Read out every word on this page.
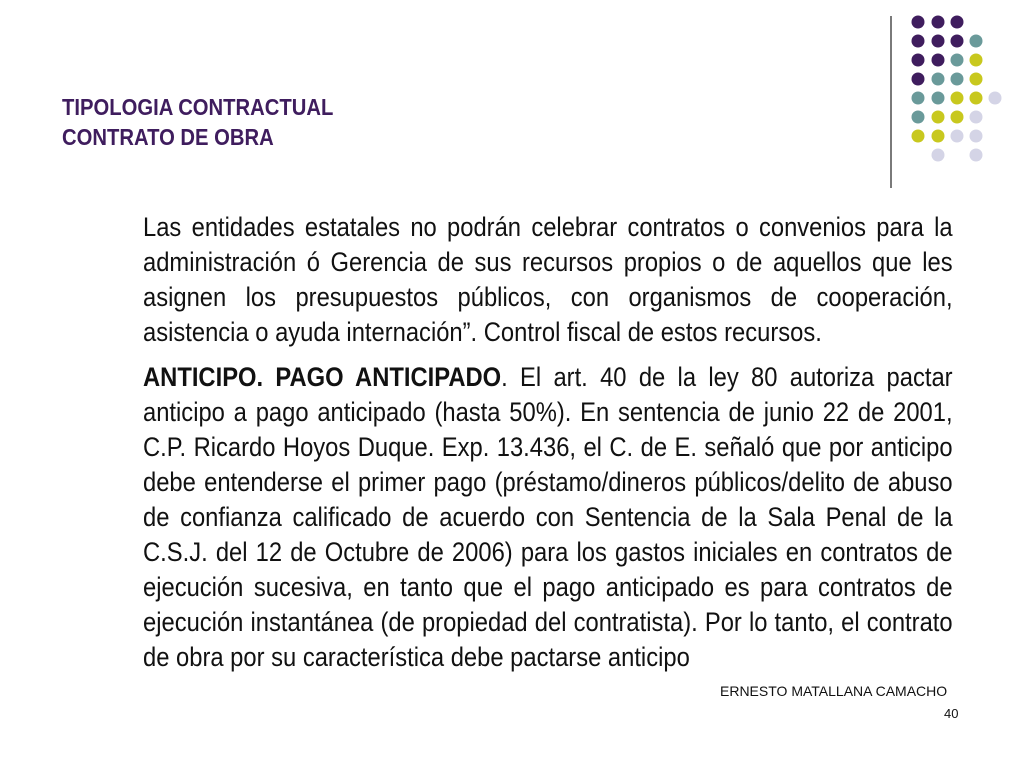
TIPOLOGIA CONTRACTUAL
CONTRATO DE OBRA

Las entidades estatales no podrán celebrar contratos o convenios para la administración ó Gerencia de sus recursos propios o de aquellos que les asignen los presupuestos públicos, con organismos de cooperación, asistencia o ayuda internación”. Control fiscal de estos recursos.

ANTICIPO. PAGO ANTICIPADO. El art. 40 de la ley 80 autoriza pactar anticipo a pago anticipado (hasta 50%). En sentencia de junio 22 de 2001, C.P. Ricardo Hoyos Duque. Exp. 13.436, el C. de E. señaló que por anticipo debe entenderse el primer pago (préstamo/dineros públicos/delito de abuso de confianza calificado de acuerdo con Sentencia de la Sala Penal de la C.S.J. del 12 de Octubre de 2006) para los gastos iniciales en contratos de ejecución sucesiva, en tanto que el pago anticipado es para contratos de ejecución instantánea (de propiedad del contratista). Por lo tanto, el contrato de obra por su característica debe pactarse anticipo

ERNESTO MATALLANA CAMACHO
40
